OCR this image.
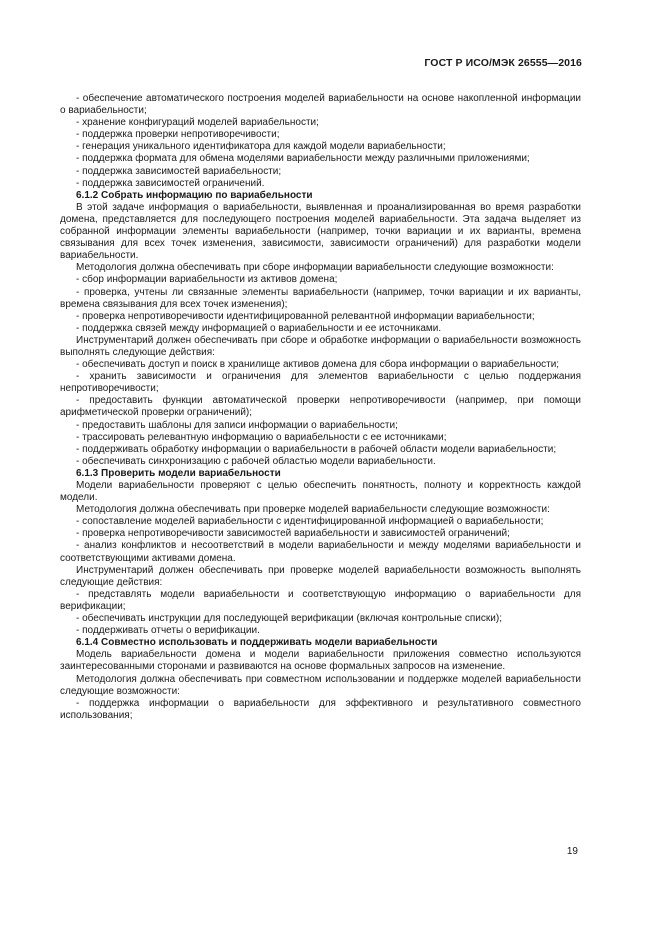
ГОСТ Р ИСО/МЭК 26555—2016

- обеспечение автоматического построения моделей вариабельности на основе накопленной информации о вариабельности;

- хранение конфигураций моделей вариабельности;

- поддержка проверки непротиворечивости;

- генерация уникального идентификатора для каждой модели вариабельности;

- поддержка формата для обмена моделями вариабельности между различными приложениями;

- поддержка зависимостей вариабельности;

- поддержка зависимостей ограничений.

6.1.2 Собрать информацию по вариабельности

В этой задаче информация о вариабельности, выявленная и проанализированная во время разработки домена, представляется для последующего построения моделей вариабельности. Эта задача выделяет из собранной информации элементы вариабельности (например, точки вариации и их варианты, времена связывания для всех точек изменения, зависимости, зависимости ограничений) для разработки модели вариабельности.

Методология должна обеспечивать при сборе информации вариабельности следующие возможности:

- сбор информации вариабельности из активов домена;

- проверка, учтены ли связанные элементы вариабельности (например, точки вариации и их варианты, времена связывания для всех точек изменения);

- проверка непротиворечивости идентифицированной релевантной информации вариабельности;

- поддержка связей между информацией о вариабельности и ее источниками.

Инструментарий должен обеспечивать при сборе и обработке информации о вариабельности возможность выполнять следующие действия:

- обеспечивать доступ и поиск в хранилище активов домена для сбора информации о вариабельности;

- хранить зависимости и ограничения для элементов вариабельности с целью поддержания непротиворечивости;

- предоставить функции автоматической проверки непротиворечивости (например, при помощи арифметической проверки ограничений);

- предоставить шаблоны для записи информации о вариабельности;

- трассировать релевантную информацию о вариабельности с ее источниками;

- поддерживать обработку информации о вариабельности в рабочей области модели вариабельности;

- обеспечивать синхронизацию с рабочей областью модели вариабельности.

6.1.3 Проверить модели вариабельности

Модели вариабельности проверяют с целью обеспечить понятность, полноту и корректность каждой модели.

Методология должна обеспечивать при проверке моделей вариабельности следующие возможности:

- сопоставление моделей вариабельности с идентифицированной информацией о вариабельности;

- проверка непротиворечивости зависимостей вариабельности и зависимостей ограничений;

- анализ конфликтов и несоответствий в модели вариабельности и между моделями вариабельности и соответствующими активами домена.

Инструментарий должен обеспечивать при проверке моделей вариабельности возможность выполнять следующие действия:

- представлять модели вариабельности и соответствующую информацию о вариабельности для верификации;

- обеспечивать инструкции для последующей верификации (включая контрольные списки);

- поддерживать отчеты о верификации.

6.1.4 Совместно использовать и поддерживать модели вариабельности

Модель вариабельности домена и модели вариабельности приложения совместно используются заинтересованными сторонами и развиваются на основе формальных запросов на изменение.

Методология должна обеспечивать при совместном использовании и поддержке моделей вариабельности следующие возможности:

- поддержка информации о вариабельности для эффективного и результативного совместного использования;

19
